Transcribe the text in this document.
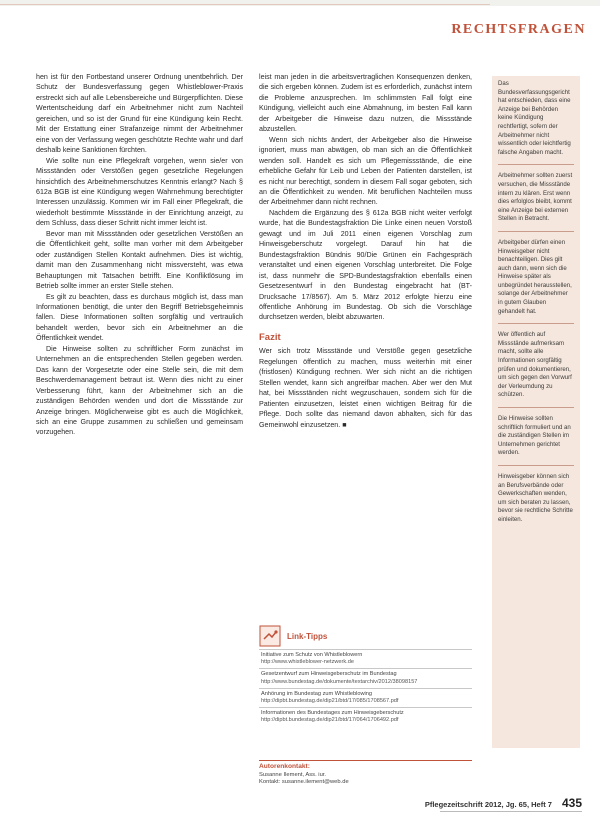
RECHTSFRAGEN

hen ist für den Fortbestand unserer Ordnung unentbehrlich. Der Schutz der Bundesverfassung gegen Whistleblower-Praxis erstreckt sich auf alle Lebensbereiche und Bürgerpflichten. Diese Wertentscheidung darf ein Arbeitnehmer nicht zum Nachteil gereichen, und so ist der Grund für eine Kündigung kein Recht. Mit der Erstattung einer Strafanzeige nimmt der Arbeitnehmer eine von der Verfassung wegen geschützte Rechte wahr und darf deshalb keine Sanktionen fürchten.

Wie sollte nun eine Pflegekraft vorgehen, wenn sie/er von Missständen oder Verstößen gegen gesetzliche Regelungen hinsichtlich des Arbeitnehmerschutzes Kenntnis erlangt? Nach § 612a BGB ist eine Kündigung wegen Wahrnehmung berechtigter Interessen unzulässig. Kommen wir im Fall einer Pflegekraft, die wiederholt bestimmte Missstände in der Einrichtung anzeigt, zu dem Schluss, dass dieser Schritt nicht immer leicht ist.

Bevor man mit Missständen oder gesetzlichen Verstößen an die Öffentlichkeit geht, sollte man vorher mit dem Arbeitgeber oder zuständigen Stellen Kontakt aufnehmen. Dies ist wichtig, damit man den Zusammenhang nicht missversteht, was etwa Behauptungen mit Tatsachen betrifft. Eine Konfliktlösung im Betrieb sollte immer an erster Stelle stehen.

Es gilt zu beachten, dass es durchaus möglich ist, dass man Informationen benötigt, die unter den Begriff Betriebsgeheimnis fallen. Diese Informationen sollten sorgfältig und vertraulich behandelt werden, bevor sich ein Arbeitnehmer an die Öffentlichkeit wendet.

Die Hinweise sollten zu schriftlicher Form zunächst im Unternehmen an die entsprechenden Stellen gegeben werden. Das kann der Vorgesetzte oder eine Stelle sein, die mit dem Beschwerdemanagement betraut ist. Wenn dies nicht zu einer Verbesserung führt, kann der Arbeitnehmer sich an die zuständigen Behörden wenden und dort die Missstände zur Anzeige bringen. Möglicherweise gibt es auch die Möglichkeit, sich an eine Gruppe zusammen zu schließen und gemeinsam vorzugehen.

leist man jeden in die arbeitsvertraglichen Konsequenzen denken, die sich ergeben können. Zudem ist es erforderlich, zunächst intern die Probleme anzusprechen. Im schlimmsten Fall folgt eine Kündigung, vielleicht auch eine Abmahnung, im besten Fall kann der Arbeitgeber die Hinweise dazu nutzen, die Missstände abzustellen.

Wenn sich nichts ändert, der Arbeitgeber also die Hinweise ignoriert, muss man abwägen, ob man sich an die Öffentlichkeit wenden soll. Handelt es sich um Pflegemissstände, die eine erhebliche Gefahr für Leib und Leben der Patienten darstellen, ist es nicht nur berechtigt, sondern in diesem Fall sogar geboten, sich an die Öffentlichkeit zu wenden. Mit beruflichen Nachteilen muss der Arbeitnehmer dann nicht rechnen.

Nachdem die Ergänzung des § 612a BGB nicht weiter verfolgt wurde, hat die Bundestagsfraktion Die Linke einen neuen Vorstoß gewagt und im Juli 2011 einen eigenen Vorschlag zum Hinweisgeberschutz vorgelegt. Darauf hin hat die Bundestagsfraktion Bündnis 90/Die Grünen ein Fachgespräch veranstaltet und einen eigenen Vorschlag unterbreitet. Die Folge ist, dass nunmehr die SPD-Bundestagsfraktion ebenfalls einen Gesetzesentwurf in den Bundestag eingebracht hat (BT-Drucksache 17/8567). Am 5. März 2012 erfolgte hierzu eine öffentliche Anhörung im Bundestag. Ob sich die Vorschläge durchsetzen werden, bleibt abzuwarten.

Fazit

Wer sich trotz Missstände und Verstöße gegen gesetzliche Regelungen öffentlich zu machen, muss weiterhin mit einer (fristlosen) Kündigung rechnen. Wer sich nicht an die richtigen Stellen wendet, kann sich angreifbar machen. Aber wer den Mut hat, bei Missständen nicht wegzuschauen, sondern sich für die Patienten einzusetzen, leistet einen wichtigen Beitrag für die Pflege. Doch sollte das niemand davon abhalten, sich für das Gemeinwohl einzusetzen. ■

Das Bundesverfassungsgericht hat entschieden, dass eine Anzeige bei Behörden keine Kündigung rechtfertigt, sofern der Arbeitnehmer nicht wissentlich oder leichtfertig falsche Angaben macht.
Arbeitnehmer sollten zuerst versuchen, die Missstände intern zu klären. Erst wenn dies erfolglos bleibt, kommt eine Anzeige bei externen Stellen in Betracht.
Arbeitgeber dürfen einen Hinweisgeber nicht benachteiligen. Dies gilt auch dann, wenn sich die Hinweise später als unbegründet herausstellen, solange der Arbeitnehmer in gutem Glauben gehandelt hat.
Wer öffentlich auf Missstände aufmerksam macht, sollte alle Informationen sorgfältig prüfen und dokumentieren, um sich gegen den Vorwurf der Verleumdung zu schützen.
Die Hinweise sollten schriftlich formuliert und an die zuständigen Stellen im Unternehmen gerichtet werden.
Hinweisgeber können sich an Berufsverbände oder Gewerkschaften wenden, um sich beraten zu lassen, bevor sie rechtliche Schritte einleiten.
Link-Tipps
Initiative zum Schutz von Whistleblowern
http://www.whistleblower-netzwerk.de
Gesetzentwurf zum Hinweisgeberschutz im Bundestag
http://www.bundestag.de/dokumente/textarchiv/2012/38098157
Anhörung im Bundestag zum Whistleblowing
http://dipbt.bundestag.de/dip21/btd/17/085/1708567.pdf
Informationen des Bundestages zum Hinweisgeberschutz
http://dipbt.bundestag.de/dip21/btd/17/064/1706492.pdf
Autorenkontakt:
Susanne Ilement, Ass. iur.
Kontakt: susanne.ilement@web.de
Pflegezeitschrift 2012, Jg. 65, Heft 7 435
